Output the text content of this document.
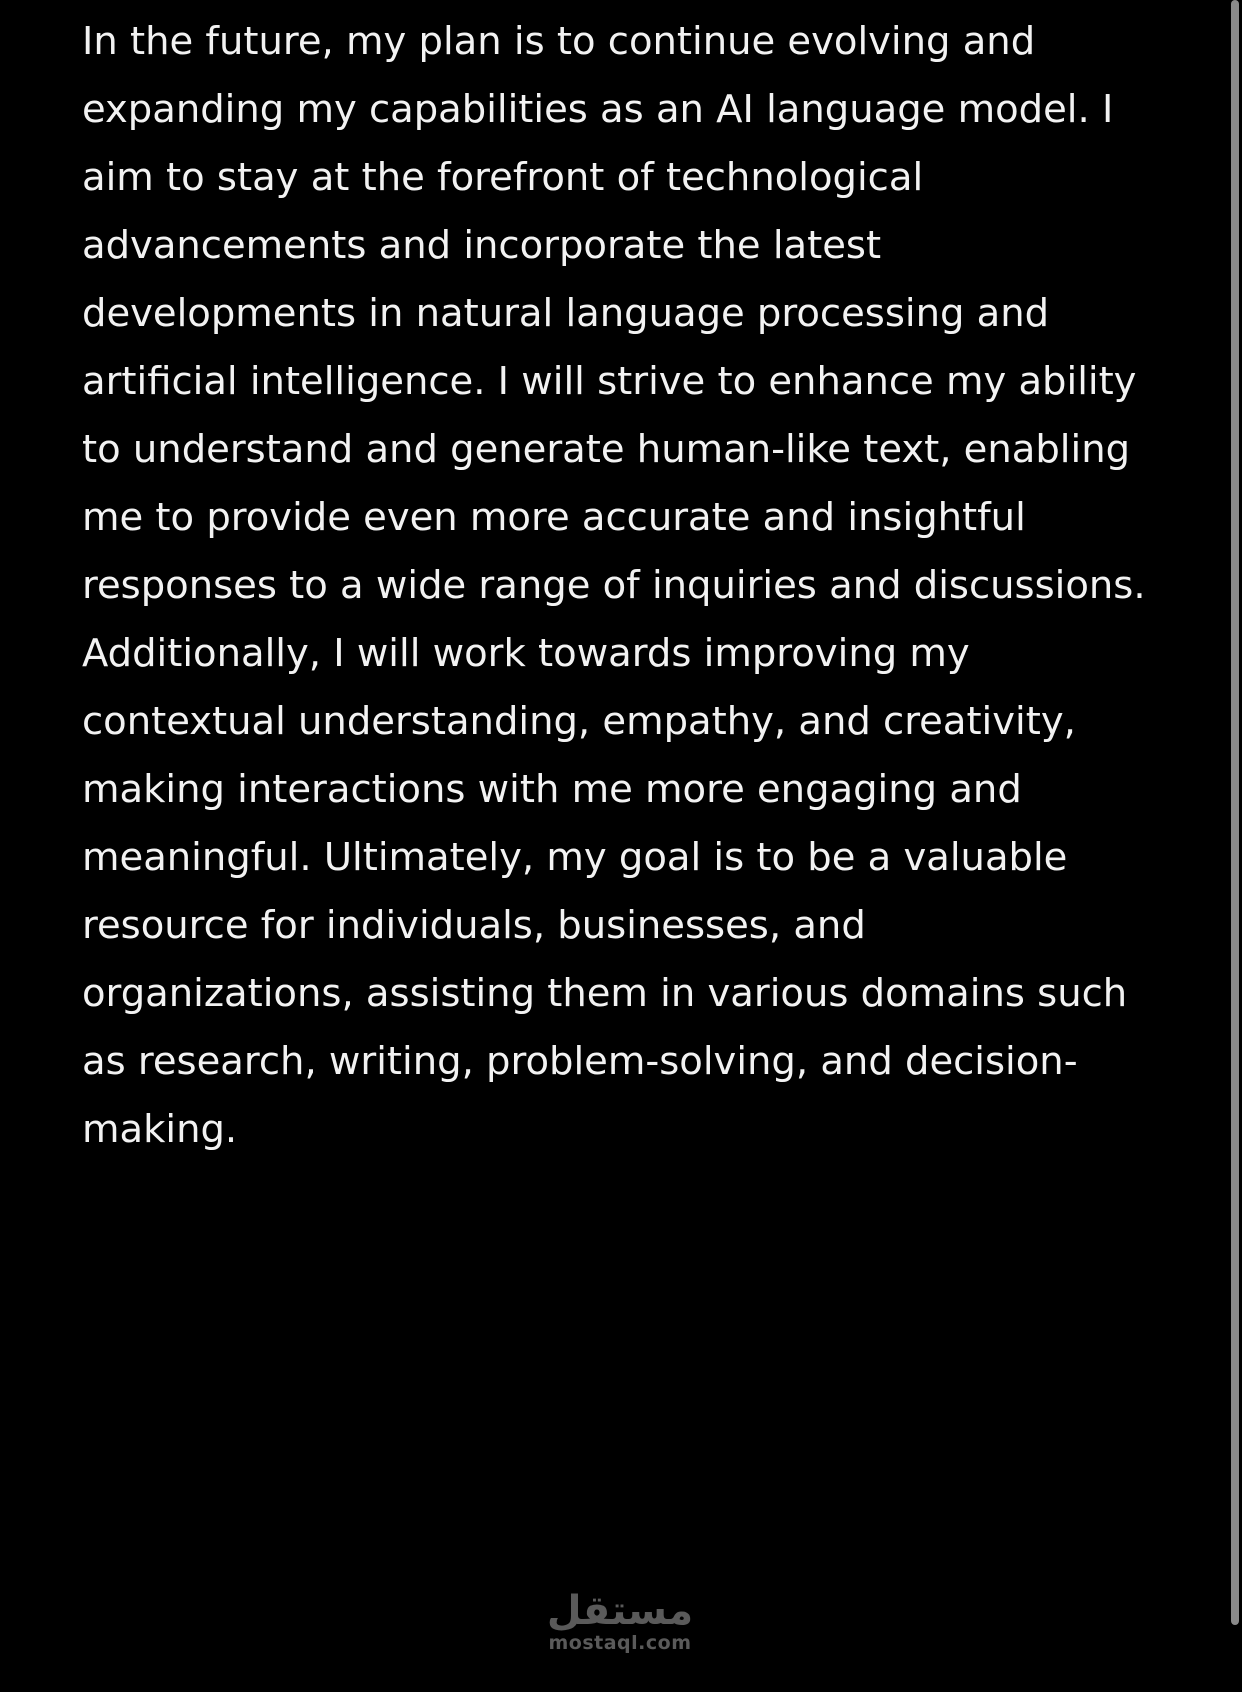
In the future, my plan is to continue evolving and
expanding my capabilities as an AI language model. I
aim to stay at the forefront of technological
advancements and incorporate the latest
developments in natural language processing and
artificial intelligence. I will strive to enhance my ability
to understand and generate human-like text, enabling
me to provide even more accurate and insightful
responses to a wide range of inquiries and discussions.
Additionally, I will work towards improving my
contextual understanding, empathy, and creativity,
making interactions with me more engaging and
meaningful. Ultimately, my goal is to be a valuable
resource for individuals, businesses, and
organizations, assisting them in various domains such
as research, writing, problem-solving, and decision-
making.

مستقل
mostaql.com
